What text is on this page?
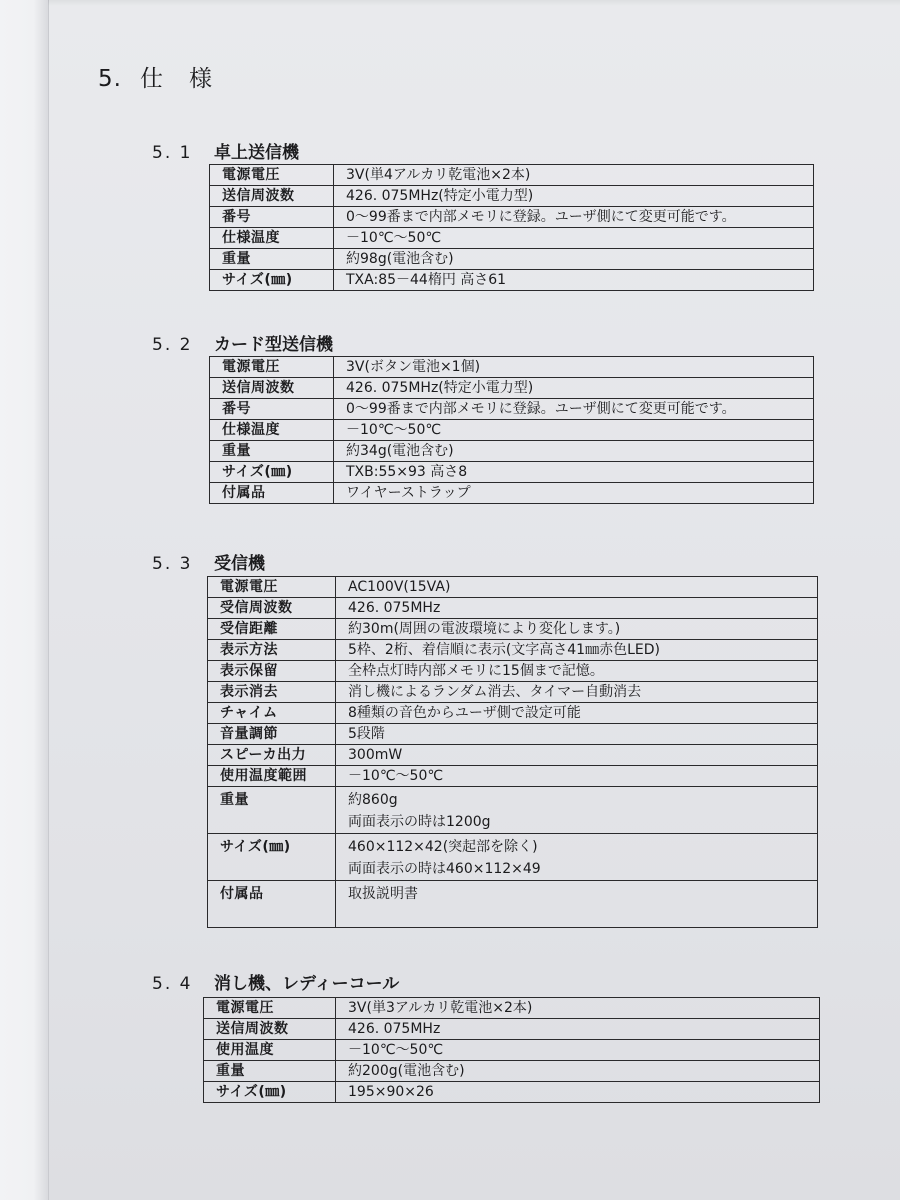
5. 仕様
5. 1 卓上送信機
電源電圧	3V(単4アルカリ乾電池×2本)

送信周波数	426. 075MHz(特定小電力型)

番号	0～99番まで内部メモリに登録。ユーザ側にて変更可能です。

仕様温度	－10℃～50℃

重量	約98g(電池含む)

サイズ(㎜)	TXA:85－44楕円 高さ61
5. 2 カード型送信機
電源電圧	3V(ボタン電池×1個)

送信周波数	426. 075MHz(特定小電力型)

番号	0～99番まで内部メモリに登録。ユーザ側にて変更可能です。

仕様温度	－10℃～50℃

重量	約34g(電池含む)

サイズ(㎜)	TXB:55×93 高さ8

付属品	ワイヤーストラップ
5. 3 受信機
電源電圧	AC100V(15VA)

受信周波数	426. 075MHz

受信距離	約30m(周囲の電波環境により変化します。)

表示方法	5枠、2桁、着信順に表示(文字高さ41㎜赤色LED)

表示保留	全枠点灯時内部メモリに15個まで記憶。

表示消去	消し機によるランダム消去、タイマー自動消去

チャイム	8種類の音色からユーザ側で設定可能

音量調節	5段階

スピーカ出力	300mW

使用温度範囲	－10℃～50℃

重量	約860g
両面表示の時は1200g

サイズ(㎜)	460×112×42(突起部を除く)
両面表示の時は460×112×49

付属品	取扱説明書
5. 4 消し機、レディーコール
電源電圧	3V(単3アルカリ乾電池×2本)

送信周波数	426. 075MHz

使用温度	－10℃～50℃

重量	約200g(電池含む)

サイズ(㎜)	195×90×26
